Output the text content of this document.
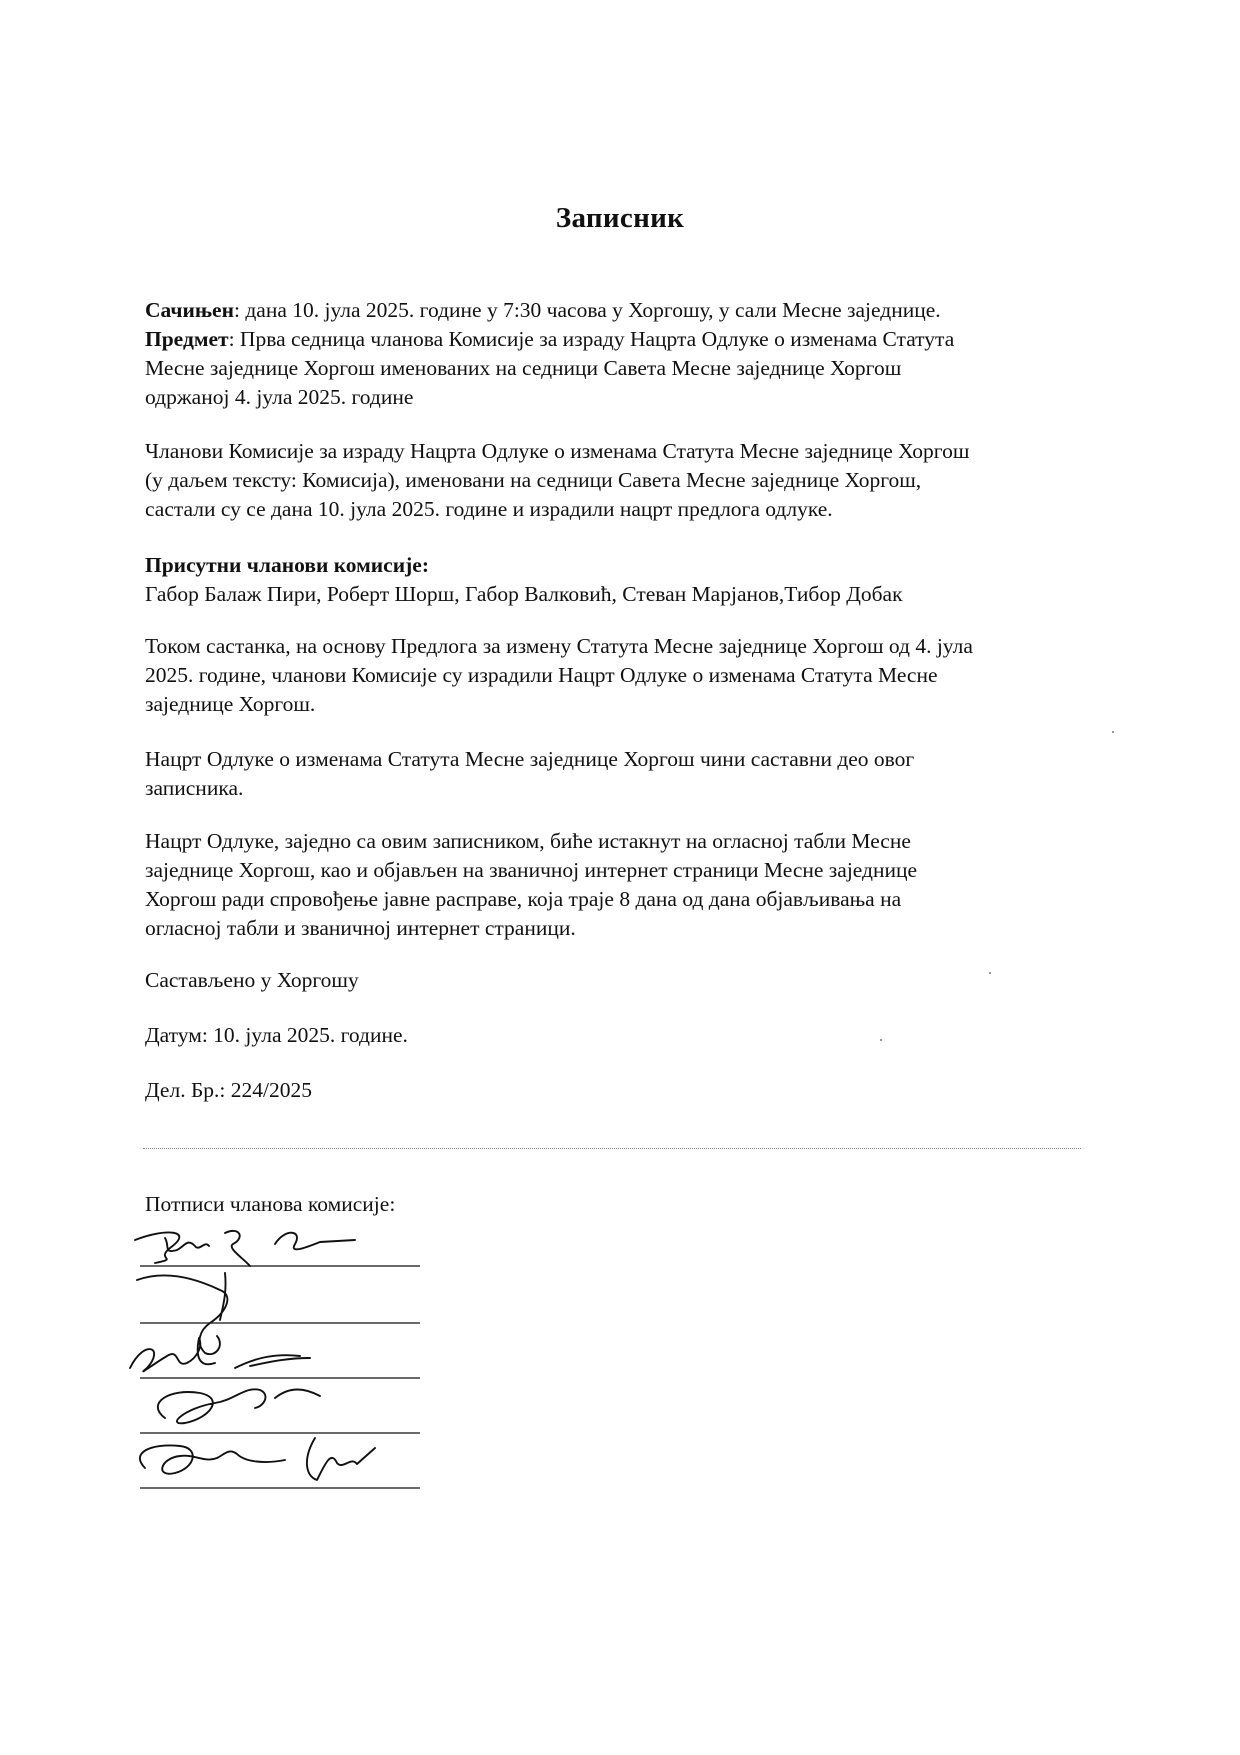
Записник
Сачињен: дана 10. јула 2025. године у 7:30 часова у Хоргошу, у сали Месне заједнице.
Предмет: Прва седница чланова Комисије за израду Нацрта Одлуке о изменама Статута
Месне заједнице Хоргош именованих на седници Савета Месне заједнице Хоргош
одржаној 4. јула 2025. године
Чланови Комисије за израду Нацрта Одлуке о изменама Статута Месне заједнице Хоргош
(у даљем тексту: Комисија), именовани на седници Савета Месне заједнице Хоргош,
састали су се дана 10. јула 2025. године и израдили нацрт предлога одлуке.
Присутни чланови комисије:
Габор Балаж Пири, Роберт Шорш, Габор Валковић, Стеван Марјанов,Тибор Добак
Током састанка, на основу Предлога за измену Статута Месне заједнице Хоргош од 4. јула
2025. године, чланови Комисије су израдили Нацрт Одлуке о изменама Статута Месне
заједнице Хоргош.
Нацрт Одлуке о изменама Статута Месне заједнице Хоргош чини саставни део овог
записника.
Нацрт Одлуке, заједно са овим записником, биће истакнут на огласној табли Месне
заједнице Хоргош, као и објављен на званичној интернет страници Месне заједнице
Хоргош ради спровођење јавне расправе, која траје 8 дана од дана објављивања на
огласној табли и званичној интернет страници.
Састављено у Хоргошу
Датум: 10. јула 2025. године.
Дел. Бр.: 224/2025
Потписи чланова комисије:
